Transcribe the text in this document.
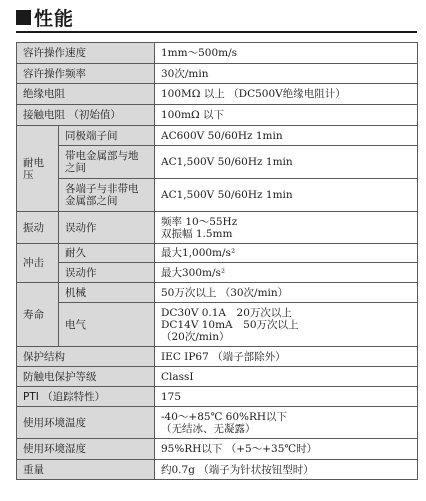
性能
容许操作速度		1mm～500m/s
容许操作频率		30次/min
绝缘电阻		100MΩ 以上 （DC500V绝缘电阻计）
接触电阻 （初始值）		100mΩ 以下
耐电压	同极端子间	AC600V 50/60Hz 1min
	带电金属部与地之间	AC1,500V 50/60Hz 1min
	各端子与非带电金属部之间	AC1,500V 50/60Hz 1min
振动	误动作	频率 10～55Hz
双振幅 1.5mm

冲击	耐久	最大1,000m/s²
	误动作	最大300m/s²
寿命	机械	50万次以上 （30次/min）
	电气	DC30V 0.1A　20万次以上
DC14V 10mA　50万次以上
（20次/min）

保护结构		IEC IP67 （端子部除外）
防触电保护等级		ClassⅠ
PTI （追踪特性）		175
使用环境温度		-40～+85℃ 60%RH以下
（无结冰、无凝露）

使用环境湿度		95%RH以下 （+5～+35℃时）
重量		约0.7g （端子为针状按钮型时）
